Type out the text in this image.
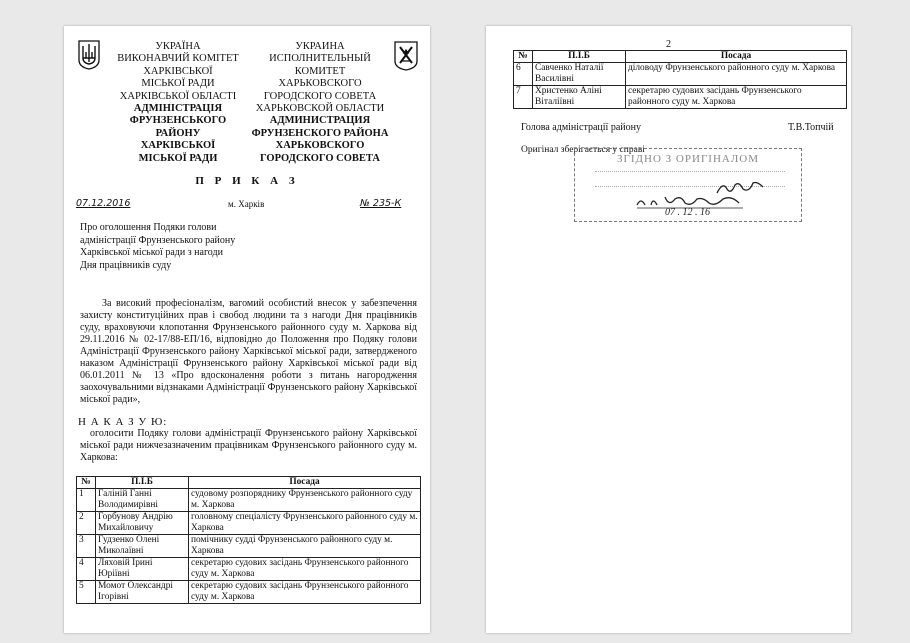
УКРАЇНА
ВИКОНАВЧИЙ КОМІТЕТ
ХАРКІВСЬКОЇ
МІСЬКОЇ РАДИ
ХАРКІВСЬКОЇ ОБЛАСТІ
АДМІНІСТРАЦІЯ
ФРУНЗЕНСЬКОГО
РАЙОНУ
ХАРКІВСЬКОЇ
МІСЬКОЇ РАДИ
УКРАИНА
ИСПОЛНИТЕЛЬНЫЙ
КОМИТЕТ
ХАРЬКОВСКОГО
ГОРОДСКОГО СОВЕТА
ХАРЬКОВСКОЙ ОБЛАСТИ
АДМИНИСТРАЦИЯ
ФРУНЗЕНСКОГО РАЙОНА
ХАРЬКОВСКОГО
ГОРОДСКОГО СОВЕТА
П Р И К А З
07.12.2016	м. Харків	№ 235-К
Про оголошення Подяки голови
адміністрації Фрунзенського району
Харківської міської ради з нагоди
Дня працівників суду
За високий професіоналізм, вагомий особистий внесок у забезпечення захисту конституційних прав і свобод людини та з нагоди Дня працівників суду, враховуючи клопотання Фрунзенського районного суду м. Харкова від 29.11.2016 № 02-17/88-ЕП/16, відповідно до Положення про Подяку голови Адміністрації Фрунзенського району Харківської міської ради, затвердженого наказом Адміністрації Фрунзенського району Харківської міської ради від 06.01.2011 № 13 «Про вдосконалення роботи з питань нагородження заохочувальними відзнаками Адміністрації Фрунзенського району Харківської міської ради»,
Н А К А З У Ю:
оголосити Подяку голови адміністрації Фрунзенського району Харківської міської ради нижчезазначеним працівникам Фрунзенського районного суду м. Харкова:
№	П.І.Б	Посада
1	Галіній Ганні Володимирівні	судовому розпоряднику Фрунзенського районного суду м. Харкова
2	Горбунову Андрію Михайловичу	головному спеціалісту Фрунзенського районного суду м. Харкова
3	Гудзенко Олені Миколаївні	помічнику судді Фрунзенського районного суду м. Харкова
4	Ляховій Ірині Юріївні	секретарю судових засідань Фрунзенського районного суду м. Харкова
5	Момот Олександрі Ігорівні	секретарю судових засідань Фрунзенського районного суду м. Харкова
2
№	П.І.Б	Посада
6	Савченко Наталії Василівні	діловоду Фрунзенського районного суду м. Харкова
7	Христенко Аліні Віталіївні	секретарю судових засідань Фрунзенського районного суду м. Харкова
Голова адміністрації району	Т.В.Топчій
Оригінал зберігається у справі
ЗГІДНО З ОРИГІНАЛОМ
07 . 12 . 16
